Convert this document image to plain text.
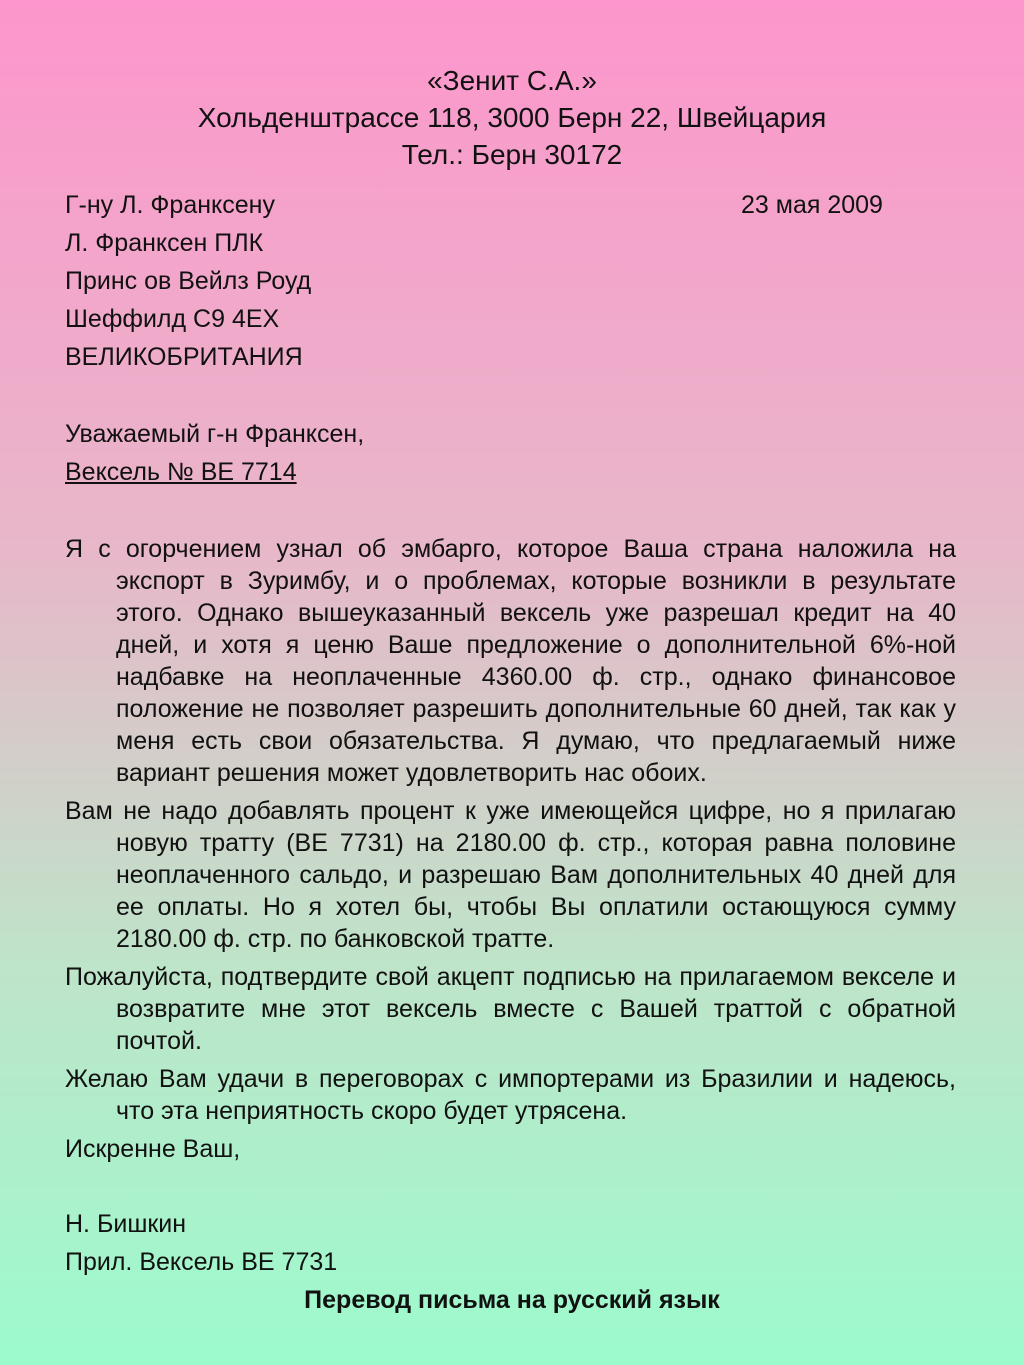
«Зенит С.А.»
Хольденштрассе 118, 3000 Берн 22, Швейцария
Тел.: Берн 30172
Г-ну Л. Франксену
Л. Франксен ПЛК
Принс ов Вейлз Роуд
Шеффилд С9 4ЕХ
ВЕЛИКОБРИТАНИЯ
23 мая 2009
Уважаемый г-н Франксен,
Вексель № ВЕ 7714

Я с огорчением узнал об эмбарго, которое Ваша страна наложила на экспорт в Зуримбу, и о проблемах, которые возникли в результате этого. Однако вышеуказанный вексель уже разрешал кредит на 40 дней, и хотя я ценю Ваше предложение о дополнительной 6%-ной надбавке на неоплаченные 4360.00 ф. стр., однако финансовое положение не позволяет разрешить дополнительные 60 дней, так как у меня есть свои обязательства. Я думаю, что предлагаемый ниже вариант решения может удовлетворить нас обоих.

Вам не надо добавлять процент к уже имеющейся цифре, но я прилагаю новую тратту (ВЕ 7731) на 2180.00 ф. стр., которая равна половине неоплаченного сальдо, и разрешаю Вам дополнительных 40 дней для ее оплаты. Но я хотел бы, чтобы Вы оплатили остающуюся сумму 2180.00 ф. стр. по банковской тратте.

Пожалуйста, подтвердите свой акцепт подписью на прилагаемом векселе и возвратите мне этот вексель вместе с Вашей траттой с обратной почтой.

Желаю Вам удачи в переговорах с импортерами из Бразилии и надеюсь, что эта неприятность скоро будет утрясена.

Искренне Ваш,

Н. Бишкин
Прил. Вексель ВЕ 7731
Перевод письма на русский язык
